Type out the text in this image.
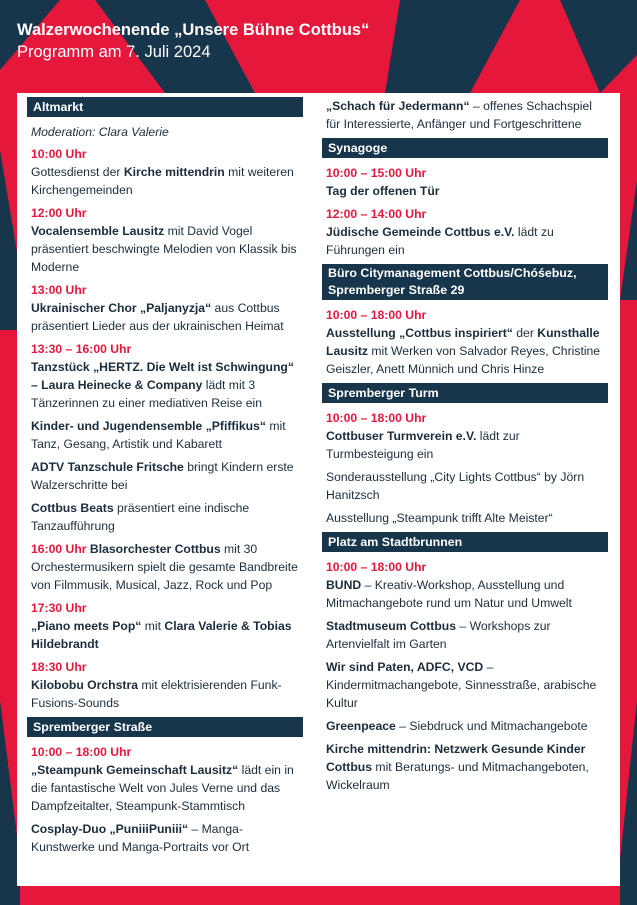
Walzerwochenende „Unsere Bühne Cottbus“
Programm am 7. Juli 2024
Altmarkt
Moderation: Clara Valerie
10:00 Uhr
Gottesdienst der Kirche mittendrin mit weiteren Kirchengemeinden
12:00 Uhr
Vocalensemble Lausitz mit David Vogel präsentiert beschwingte Melodien von Klassik bis Moderne
13:00 Uhr
Ukrainischer Chor „Paljanyzja“ aus Cottbus präsentiert Lieder aus der ukrainischen Heimat
13:30 – 16:00 Uhr
Tanzstück „HERTZ. Die Welt ist Schwingung“ – Laura Heinecke & Company lädt mit 3 Tänzerinnen zu einer mediativen Reise ein
Kinder- und Jugendensemble „Pfiffikus“ mit Tanz, Gesang, Artistik und Kabarett
ADTV Tanzschule Fritsche bringt Kindern erste Walzerschritte bei
Cottbus Beats präsentiert eine indische Tanzaufführung
16:00 Uhr Blasorchester Cottbus mit 30 Orchestermusikern spielt die gesamte Bandbreite von Filmmusik, Musical, Jazz, Rock und Pop
17:30 Uhr
„Piano meets Pop“ mit Clara Valerie & Tobias Hildebrandt
18:30 Uhr
Kilobobu Orchstra mit elektrisierenden Funk-Fusions-Sounds
Spremberger Straße
10:00 – 18:00 Uhr
„Steampunk Gemeinschaft Lausitz“ lädt ein in die fantastische Welt von Jules Verne und das Dampfzeitalter, Steampunk-Stammtisch
Cosplay-Duo „PuniiiPuniii“ – Manga-Kunstwerke und Manga-Portraits vor Ort
„Schach für Jedermann“ – offenes Schachspiel für Interessierte, Anfänger und Fortgeschrittene
Synagoge
10:00 – 15:00 Uhr
Tag der offenen Tür
12:00 – 14:00 Uhr
Jüdische Gemeinde Cottbus e.V. lädt zu Führungen ein
Büro Citymanagement Cottbus/Chóśebuz,
Spremberger Straße 29
10:00 – 18:00 Uhr
Ausstellung „Cottbus inspiriert“ der Kunsthalle Lausitz mit Werken von Salvador Reyes, Christine Geiszler, Anett Münnich und Chris Hinze
Spremberger Turm
10:00 – 18:00 Uhr
Cottbuser Turmverein e.V. lädt zur Turmbesteigung ein
Sonderausstellung „City Lights Cottbus“ by Jörn Hanitzsch
Ausstellung „Steampunk trifft Alte Meister“
Platz am Stadtbrunnen
10:00 – 18:00 Uhr
BUND – Kreativ-Workshop, Ausstellung und Mitmachangebote rund um Natur und Umwelt
Stadtmuseum Cottbus – Workshops zur Artenvielfalt im Garten
Wir sind Paten, ADFC, VCD – Kindermitmachangebote, Sinnesstraße, arabische Kultur
Greenpeace – Siebdruck und Mitmachangebote
Kirche mittendrin: Netzwerk Gesunde Kinder Cottbus mit Beratungs- und Mitmachangeboten, Wickelraum
